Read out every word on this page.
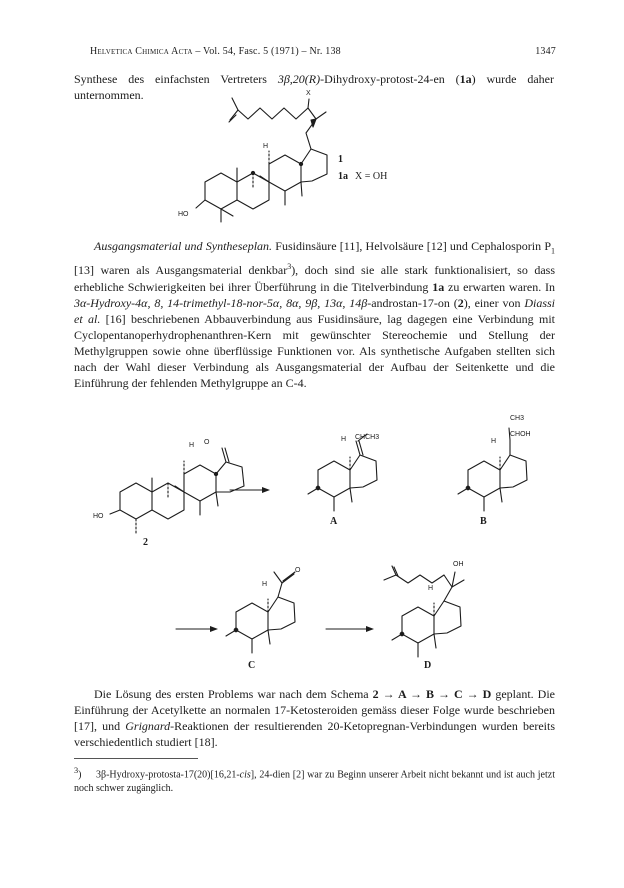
Helvetica Chimica Acta – Vol. 54, Fasc. 5 (1971) – Nr. 138	1347

Synthese des einfachsten Vertreters 3β,20(R)-Dihydroxy-protost-24-en (1a) wurde daher unternommen.

Ausgangsmaterial und Syntheseplan. Fusidinsäure [11], Helvolsäure [12] und Cephalosporin $P_1$ [13] waren als Ausgangsmaterial denkbar$^3$), doch sind sie alle stark funktionalisiert, so dass erhebliche Schwierigkeiten bei ihrer Überführung in die Titelverbindung 1a zu erwarten waren. In 3α-Hydroxy-4α, 8, 14-trimethyl-18-nor-5α, 8α, 9β, 13α, 14β-androstan-17-on (2), einer von Diassi et al. [16] beschriebenen Abbauverbindung aus Fusidinsäure, lag dagegen eine Verbindung mit Cyclopentanoperhydrophenanthren-Kern mit gewünschter Stereochemie und Stellung der Methylgruppen sowie ohne überflüssige Funktionen vor. Als synthetische Aufgaben stellten sich nach der Wahl dieser Verbindung als Ausgangsmaterial der Aufbau der Seitenkette und die Einführung der fehlenden Methylgruppe an C-4.

Die Lösung des ersten Problems war nach dem Schema 2 → A → B → C → D geplant. Die Einführung der Acetylkette an normalen 17-Ketosteroiden gemäss dieser Folge wurde beschrieben [17], und Grignard-Reaktionen der resultierenden 20-Ketopregnan-Verbindungen wurden bereits verschiedentlich studiert [18].

$^3$) 3β-Hydroxy-protosta-17(20)[16,21-cis], 24-dien [2] war zu Beginn unserer Arbeit nicht bekannt und ist auch jetzt noch schwer zugänglich.
X
H
HO
1
1a X = OH
H O
HO
2
H CHCH3
A
CH3
CHOH
H
B
H
O
C
OH
H
D
